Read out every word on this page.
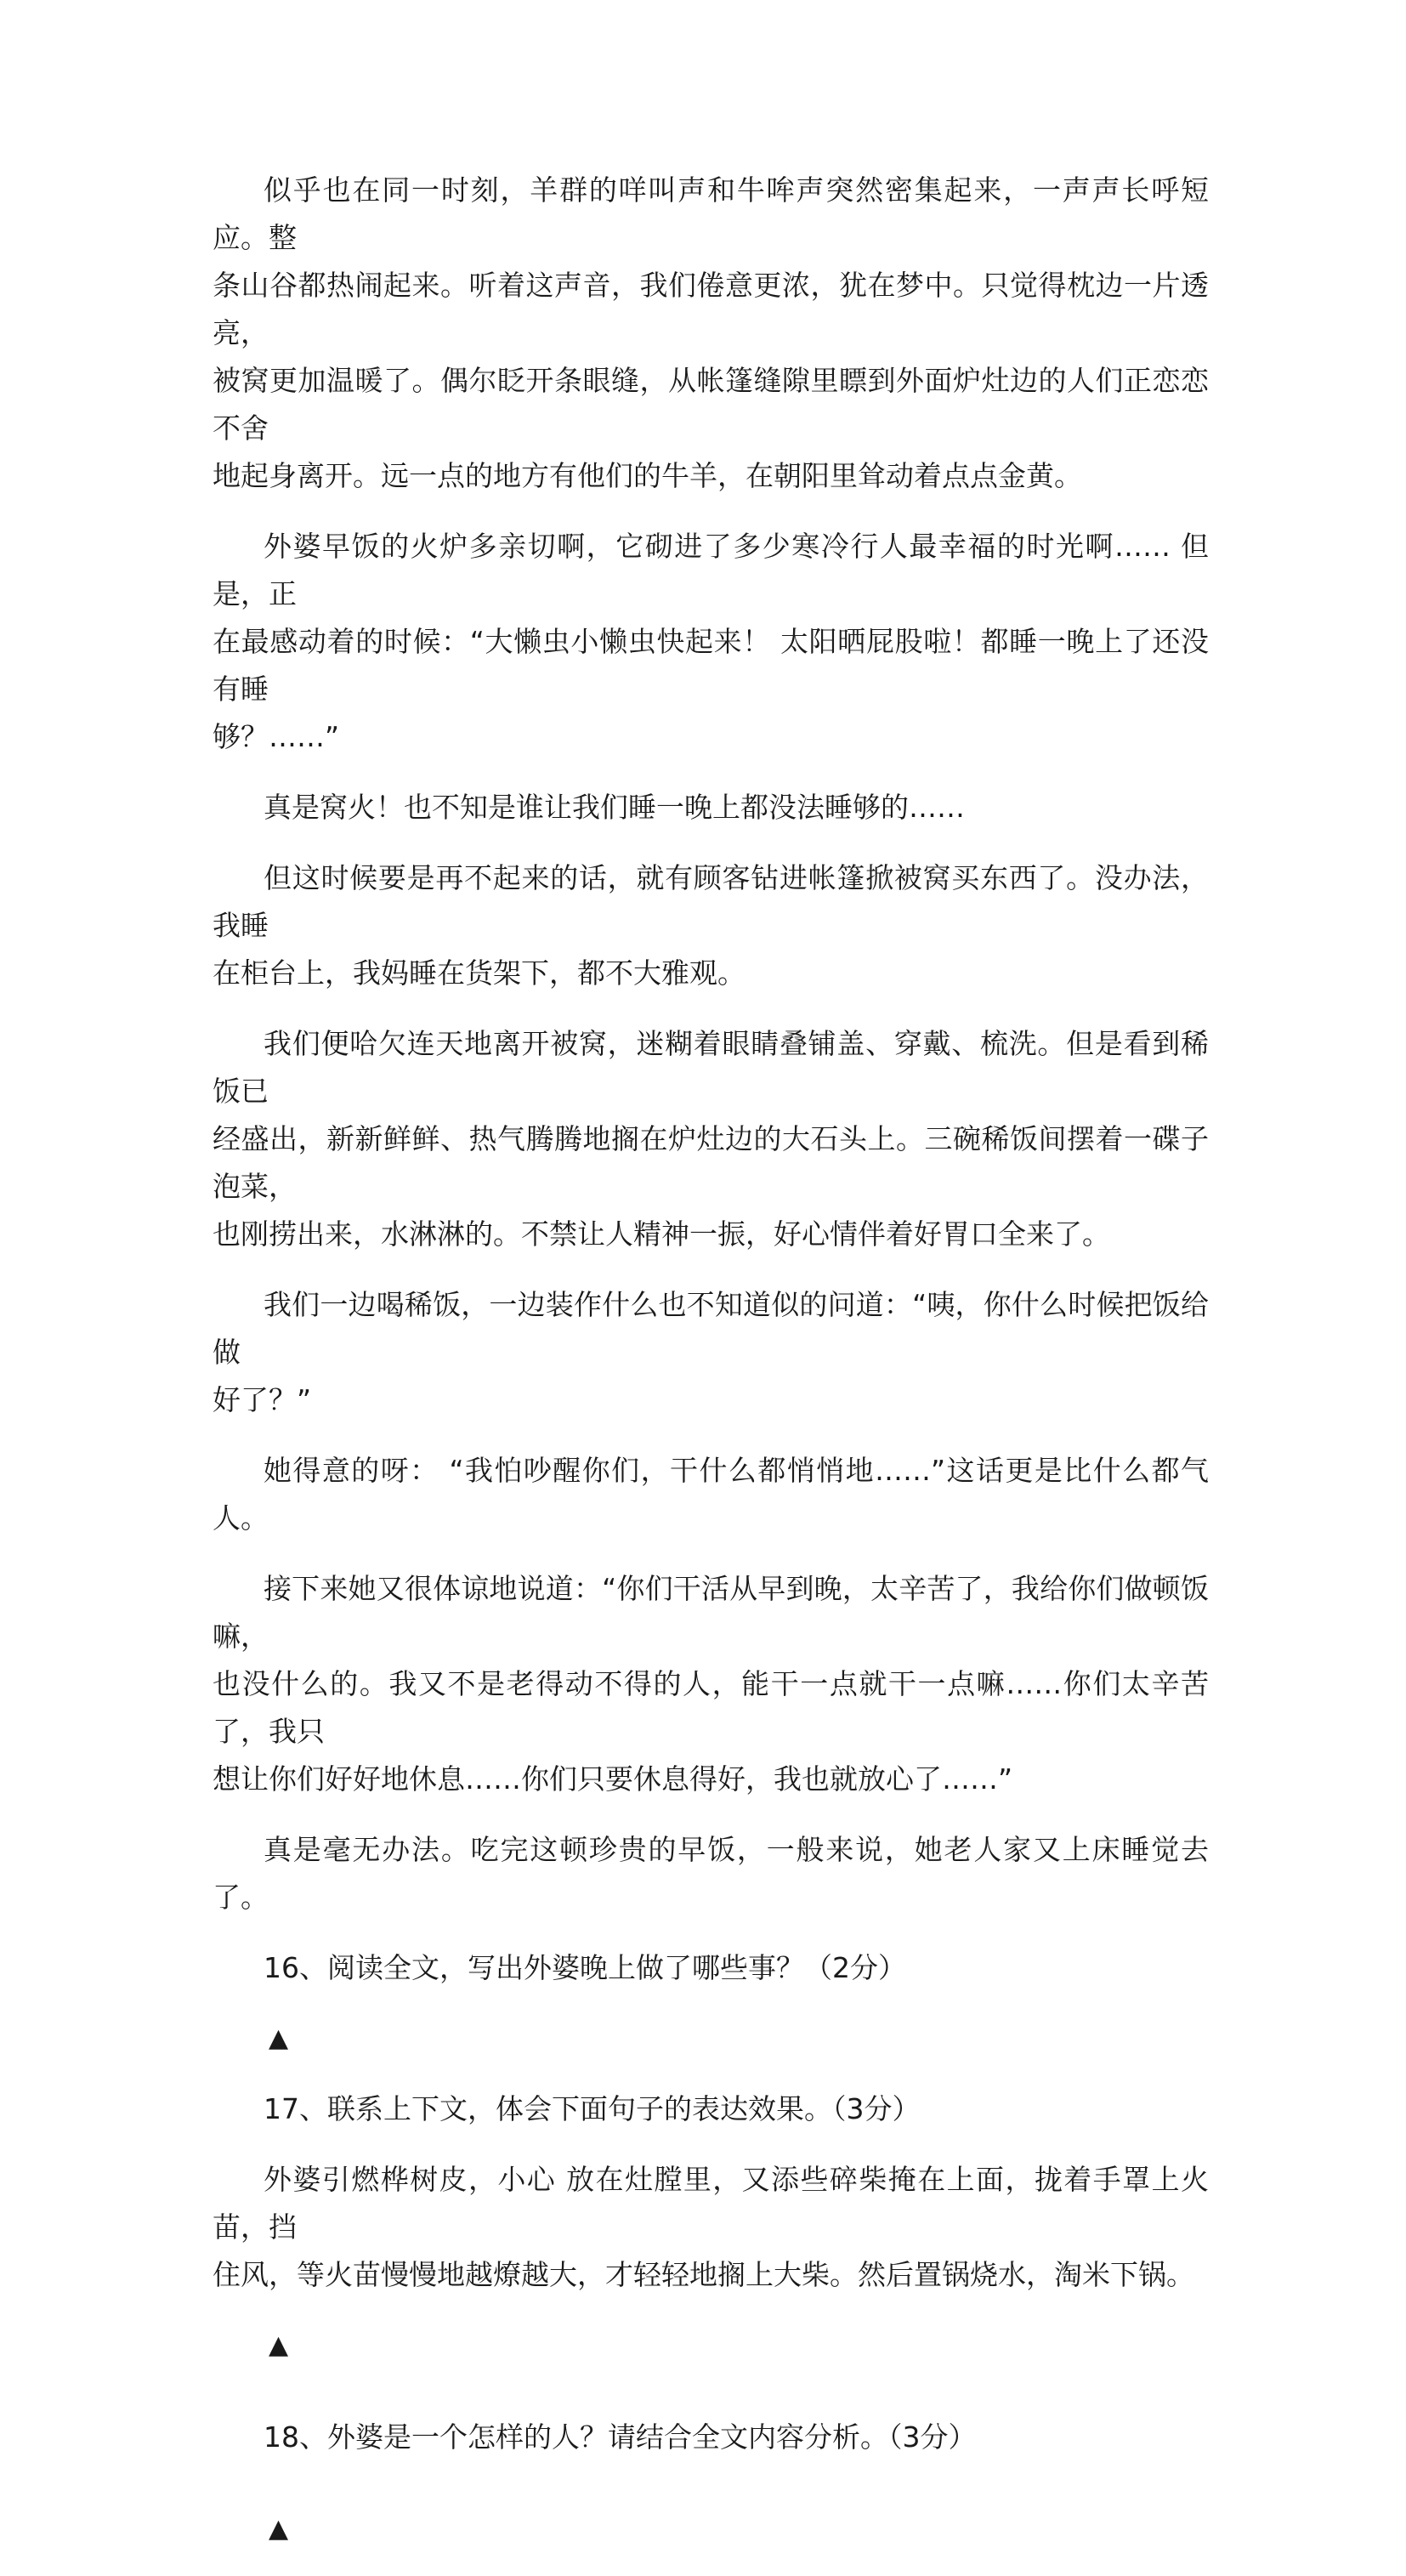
似乎也在同一时刻，羊群的咩叫声和牛哞声突然密集起来，一声声长呼短应。整
条山谷都热闹起来。听着这声音，我们倦意更浓，犹在梦中。只觉得枕边一片透亮，
被窝更加温暖了。偶尔眨开条眼缝，从帐篷缝隙里瞟到外面炉灶边的人们正恋恋不舍
地起身离开。远一点的地方有他们的牛羊，在朝阳里耸动着点点金黄。
外婆早饭的火炉多亲切啊，它砌进了多少寒冷行人最幸福的时光啊…… 但是，正
在最感动着的时候：“大懒虫小懒虫快起来！ 太阳晒屁股啦！都睡一晚上了还没有睡
够？……”
真是窝火！也不知是谁让我们睡一晚上都没法睡够的……
但这时候要是再不起来的话，就有顾客钻进帐篷掀被窝买东西了。没办法，我睡
在柜台上，我妈睡在货架下，都不大雅观。
我们便哈欠连天地离开被窝，迷糊着眼睛叠铺盖、穿戴、梳洗。但是看到稀饭已
经盛出，新新鲜鲜、热气腾腾地搁在炉灶边的大石头上。三碗稀饭间摆着一碟子泡菜，
也刚捞出来，水淋淋的。不禁让人精神一振，好心情伴着好胃口全来了。
我们一边喝稀饭，一边装作什么也不知道似的问道：“咦，你什么时候把饭给做
好了？”
她得意的呀： “我怕吵醒你们，干什么都悄悄地……”这话更是比什么都气人。
接下来她又很体谅地说道：“你们干活从早到晚，太辛苦了，我给你们做顿饭嘛，
也没什么的。我又不是老得动不得的人，能干一点就干一点嘛……你们太辛苦了，我只
想让你们好好地休息……你们只要休息得好，我也就放心了……”
真是毫无办法。吃完这顿珍贵的早饭，一般来说，她老人家又上床睡觉去了。
16、阅读全文，写出外婆晚上做了哪些事？（2分）
▲
17、联系上下文，体会下面句子的表达效果。（3分）
外婆引燃桦树皮，小心 放在灶膛里，又添些碎柴掩在上面，拢着手罩上火苗，挡
住风，等火苗慢慢地越燎越大，才轻轻地搁上大柴。然后置锅烧水，淘米下锅。
▲
18、外婆是一个怎样的人？请结合全文内容分析。（3分）
▲
